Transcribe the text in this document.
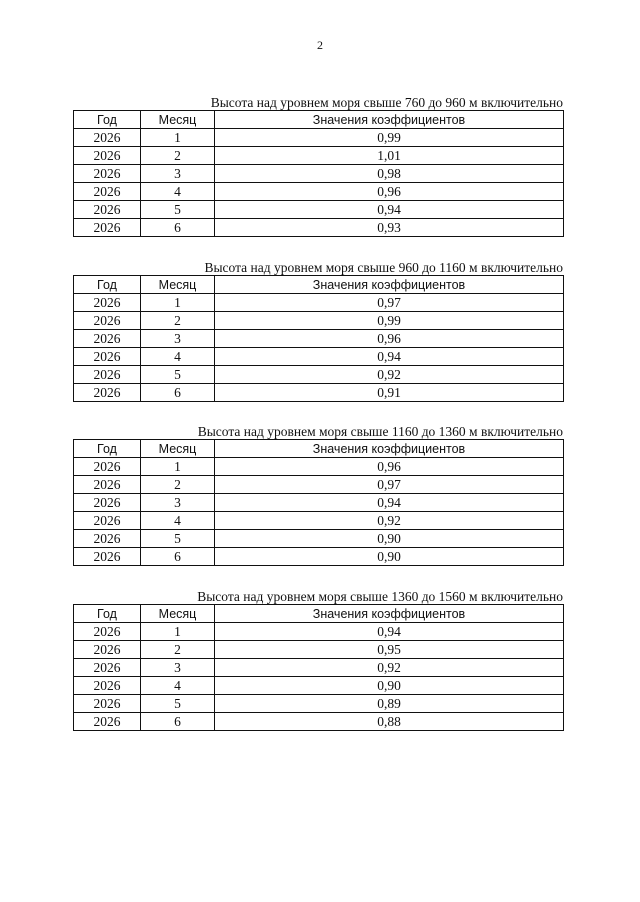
2
Высота над уровнем моря свыше 760 до 960 м включительно
Год	Месяц	Значения коэффициентов
2026	1	0,99
2026	2	1,01
2026	3	0,98
2026	4	0,96
2026	5	0,94
2026	6	0,93
Высота над уровнем моря свыше 960 до 1160 м включительно
Год	Месяц	Значения коэффициентов
2026	1	0,97
2026	2	0,99
2026	3	0,96
2026	4	0,94
2026	5	0,92
2026	6	0,91
Высота над уровнем моря свыше 1160 до 1360 м включительно
Год	Месяц	Значения коэффициентов
2026	1	0,96
2026	2	0,97
2026	3	0,94
2026	4	0,92
2026	5	0,90
2026	6	0,90
Высота над уровнем моря свыше 1360 до 1560 м включительно
Год	Месяц	Значения коэффициентов
2026	1	0,94
2026	2	0,95
2026	3	0,92
2026	4	0,90
2026	5	0,89
2026	6	0,88
